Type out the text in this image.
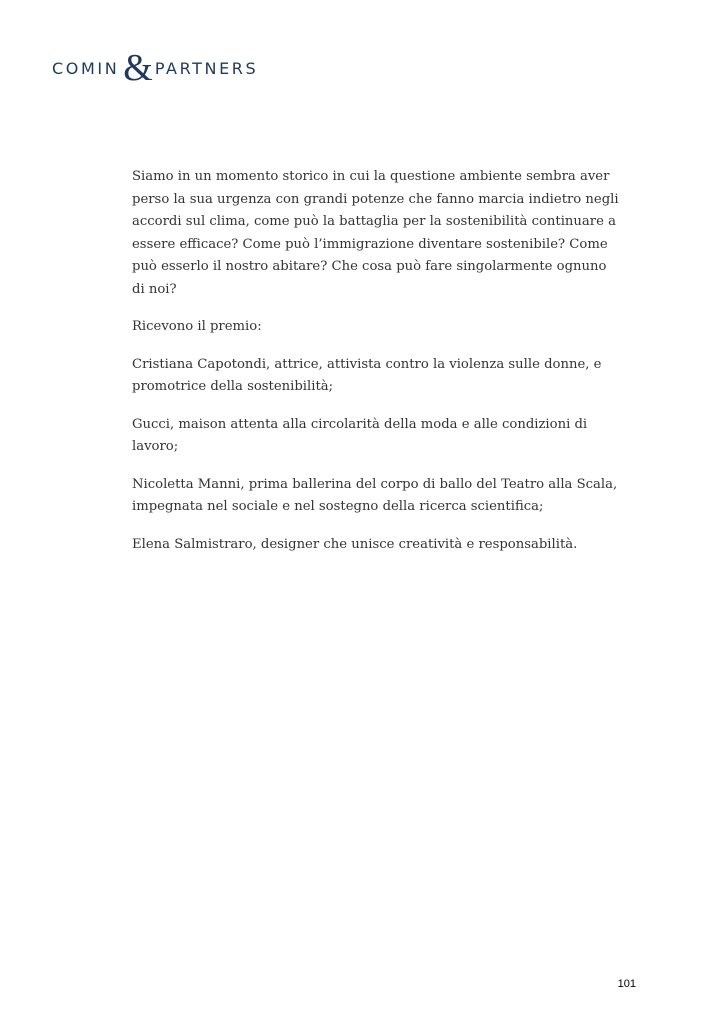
COMIN & PARTNERS

Siamo in un momento storico in cui la questione ambiente sembra aver perso la sua urgenza con grandi potenze che fanno marcia indietro negli accordi sul clima, come può la battaglia per la sostenibilità continuare a essere efficace? Come può l’immigrazione diventare sostenibile? Come può esserlo il nostro abitare? Che cosa può fare singolarmente ognuno di noi?

Ricevono il premio:

Cristiana Capotondi, attrice, attivista contro la violenza sulle donne, e promotrice della sostenibilità;

Gucci, maison attenta alla circolarità della moda e alle condizioni di lavoro;

Nicoletta Manni, prima ballerina del corpo di ballo del Teatro alla Scala, impegnata nel sociale e nel sostegno della ricerca scientifica;

Elena Salmistraro, designer che unisce creatività e responsabilità.

101
